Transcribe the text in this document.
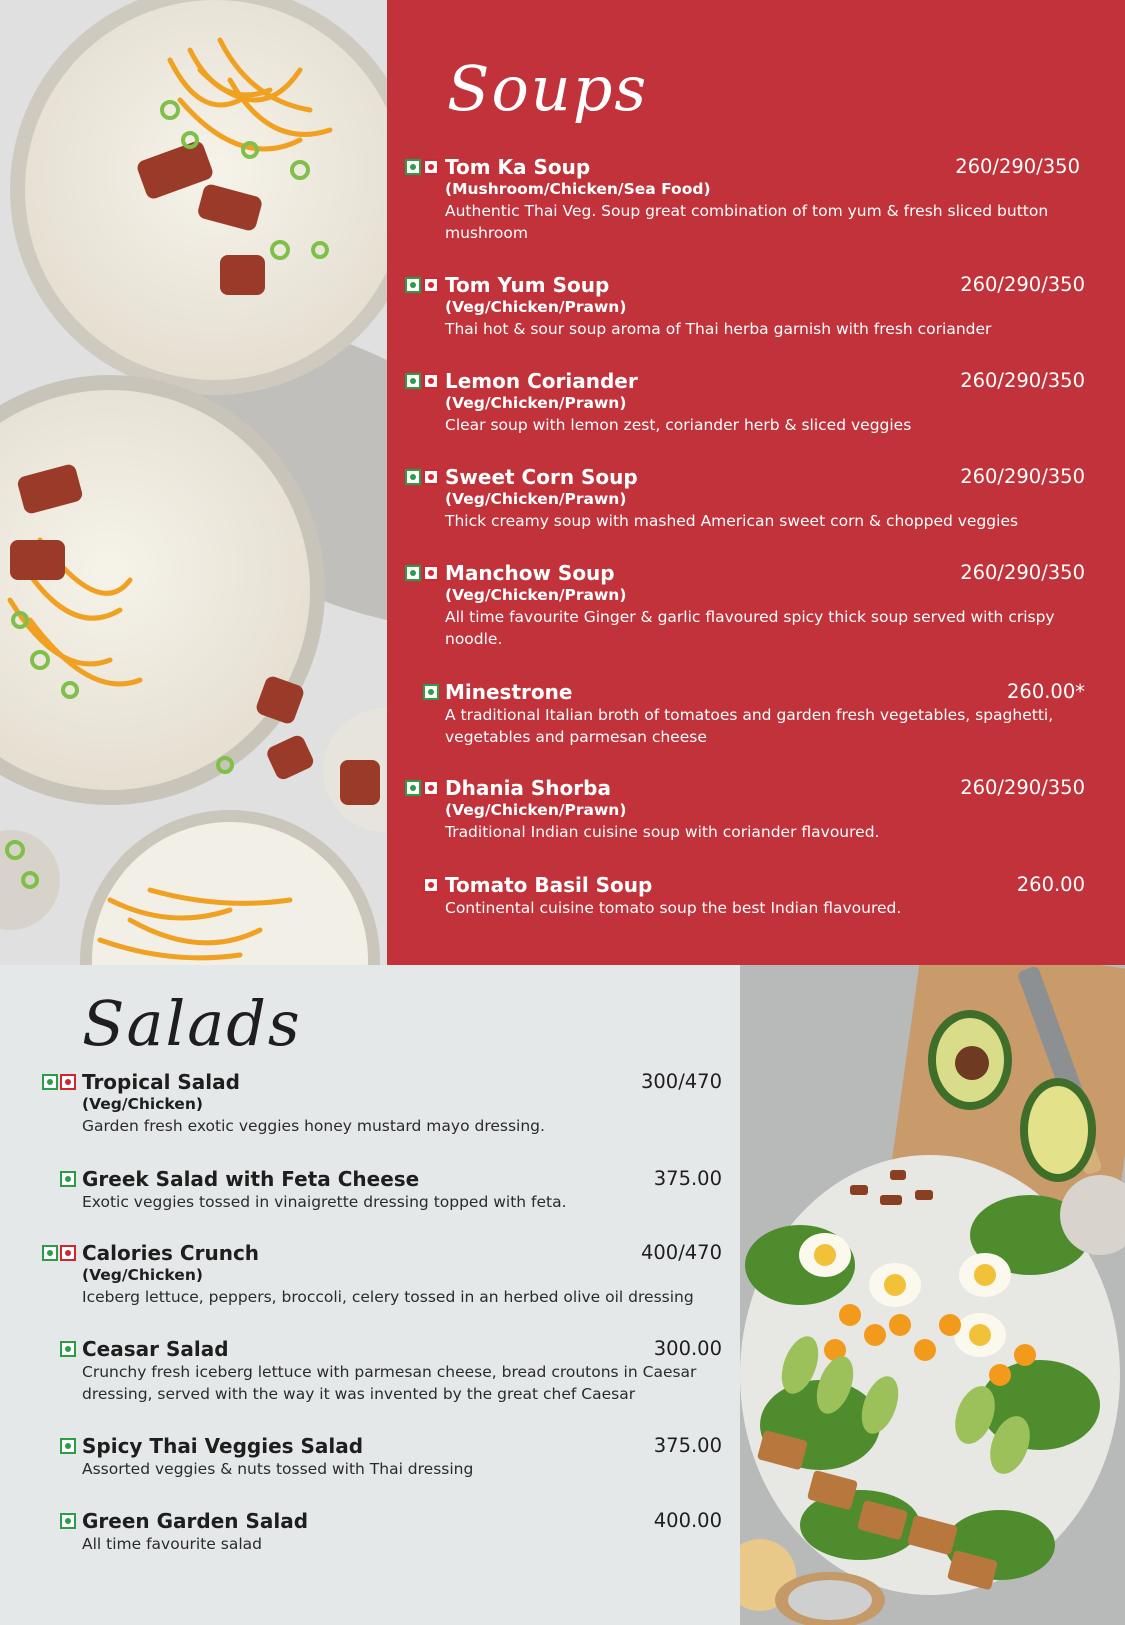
Soups
Tom Ka Soup
(Mushroom/Chicken/Sea Food)
Authentic Thai Veg. Soup great combination of tom yum & fresh sliced button mushroom
260/290/350
Tom Yum Soup
(Veg/Chicken/Prawn)
Thai hot & sour soup aroma of Thai herba garnish with fresh coriander
260/290/350
Lemon Coriander
(Veg/Chicken/Prawn)
Clear soup with lemon zest, coriander herb & sliced veggies
260/290/350
Sweet Corn Soup
(Veg/Chicken/Prawn)
Thick creamy soup with mashed American sweet corn & chopped veggies
260/290/350
Manchow Soup
(Veg/Chicken/Prawn)
All time favourite Ginger & garlic flavoured spicy thick soup served with crispy noodle.
260/290/350
Minestrone
A traditional Italian broth of tomatoes and garden fresh vegetables, spaghetti, vegetables and parmesan cheese
260.00*
Dhania Shorba
(Veg/Chicken/Prawn)
Traditional Indian cuisine soup with coriander flavoured.
260/290/350
Tomato Basil Soup
Continental cuisine tomato soup the best Indian flavoured.
260.00
Salads
Tropical Salad
(Veg/Chicken)
Garden fresh exotic veggies honey mustard mayo dressing.
300/470
Greek Salad with Feta Cheese
Exotic veggies tossed in vinaigrette dressing topped with feta.
375.00
Calories Crunch
(Veg/Chicken)
Iceberg lettuce, peppers, broccoli, celery tossed in an herbed olive oil dressing
400/470
Ceasar Salad
Crunchy fresh iceberg lettuce with parmesan cheese, bread croutons in Caesar dressing, served with the way it was invented by the great chef Caesar
300.00
Spicy Thai Veggies Salad
Assorted veggies & nuts tossed with Thai dressing
375.00
Green Garden Salad
All time favourite salad
400.00
